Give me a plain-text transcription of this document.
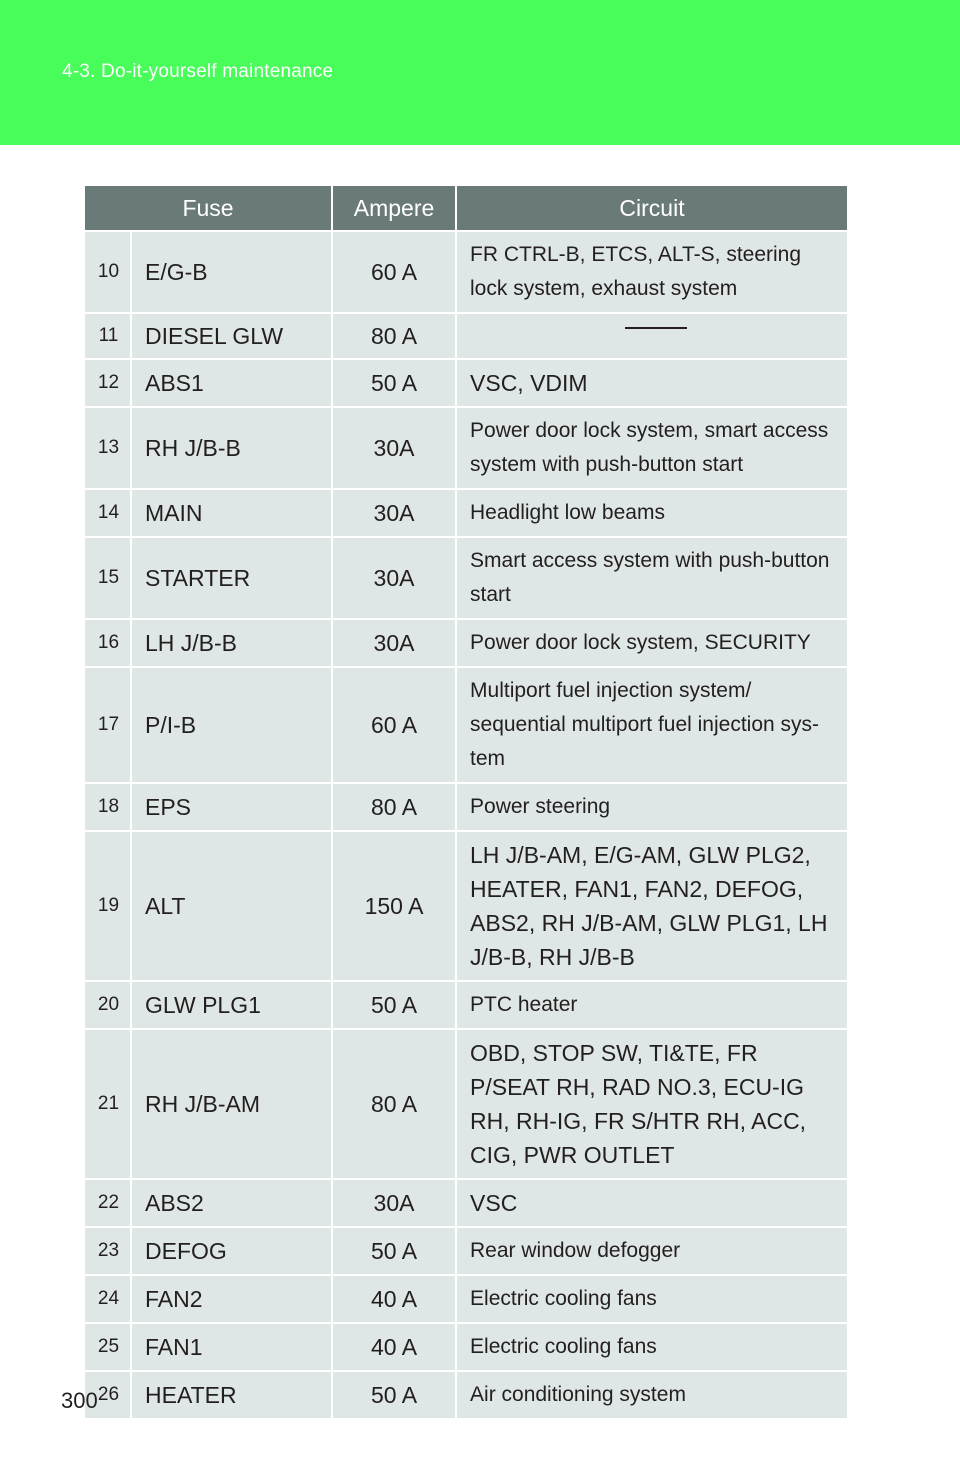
4-3. Do-it-yourself maintenance
Fuse		Ampere	Circuit
10	E/G-B	60 A	FR CTRL-B, ETCS, ALT-S, steering lock system, exhaust system
11	DIESEL GLW	80 A	

12	ABS1	50 A	VSC, VDIM
13	RH J/B-B	30A	Power door lock system, smart access system with push-button start
14	MAIN	30A	Headlight low beams
15	STARTER	30A	Smart access system with push-button start
16	LH J/B-B	30A	Power door lock system, SECURITY
17	P/I-B	60 A	Multiport fuel injection system/ sequential multiport fuel injection sys-tem
18	EPS	80 A	Power steering
19	ALT	150 A	LH J/B-AM, E/G-AM, GLW PLG2, HEATER, FAN1, FAN2, DEFOG, ABS2, RH J/B-AM, GLW PLG1, LH J/B-B, RH J/B-B
20	GLW PLG1	50 A	PTC heater
21	RH J/B-AM	80 A	OBD, STOP SW, TI&TE, FR P/SEAT RH, RAD NO.3, ECU-IG RH, RH-IG, FR S/HTR RH, ACC, CIG, PWR OUTLET
22	ABS2	30A	VSC
23	DEFOG	50 A	Rear window defogger
24	FAN2	40 A	Electric cooling fans
25	FAN1	40 A	Electric cooling fans
26	HEATER	50 A	Air conditioning system
300
